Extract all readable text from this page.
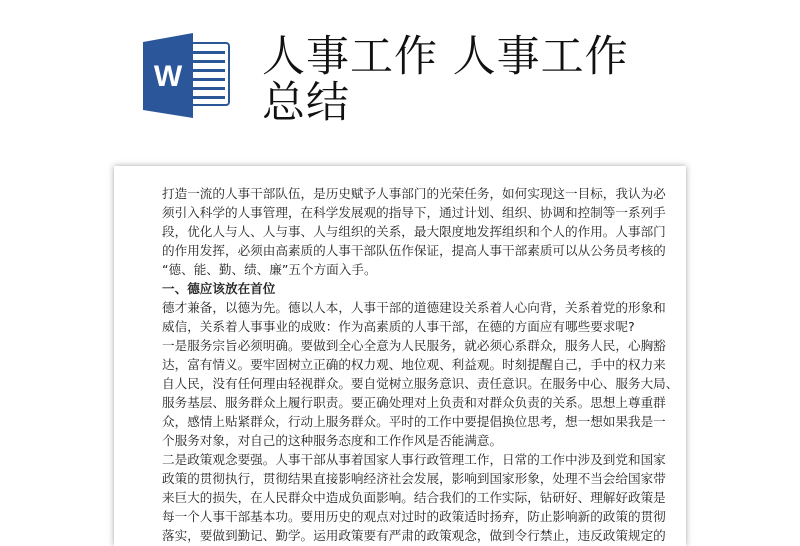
W 人事工作 人事工作
总结
打造一流的人事干部队伍，是历史赋予人事部门的光荣任务，如何实现这一目标，我认为必
须引入科学的人事管理，在科学发展观的指导下，通过计划、组织、协调和控制等一系列手
段，优化人与人、人与事、人与组织的关系，最大限度地发挥组织和个人的作用。人事部门
的作用发挥，必须由高素质的人事干部队伍作保证，提高人事干部素质可以从公务员考核的
“德、能、勤、绩、廉”五个方面入手。
一、德应该放在首位
德才兼备，以德为先。德以人本，人事干部的道德建设关系着人心向背，关系着党的形象和
威信，关系着人事事业的成败：作为高素质的人事干部，在德的方面应有哪些要求呢?
一是服务宗旨必须明确。要做到全心全意为人民服务，就必须心系群众，服务人民，心胸豁
达，富有情义。要牢固树立正确的权力观、地位观、利益观。时刻提醒自己，手中的权力来
自人民，没有任何理由轻视群众。要自觉树立服务意识、责任意识。在服务中心、服务大局、
服务基层、服务群众上履行职责。要正确处理对上负责和对群众负责的关系。思想上尊重群
众，感情上贴紧群众，行动上服务群众。平时的工作中要提倡换位思考，想一想如果我是一
个服务对象，对自己的这种服务态度和工作作风是否能满意。
二是政策观念要强。人事干部从事着国家人事行政管理工作，日常的工作中涉及到党和国家
政策的贯彻执行，贯彻结果直接影响经济社会发展，影响到国家形象，处理不当会给国家带
来巨大的损失，在人民群众中造成负面影响。结合我们的工作实际，钻研好、理解好政策是
每一个人事干部基本功。要用历史的观点对过时的政策适时扬弃，防止影响新的政策的贯彻
落实，要做到勤记、勤学。运用政策要有严肃的政策观念，做到令行禁止，违反政策规定的
